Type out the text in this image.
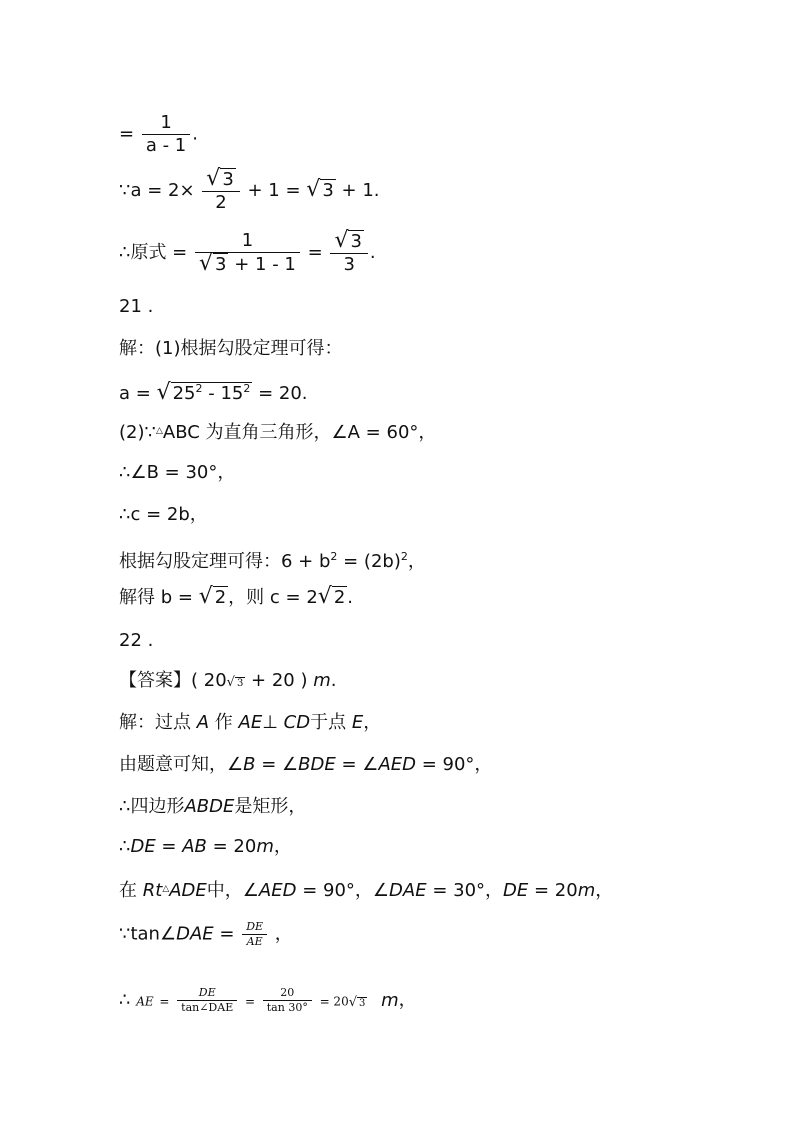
= $\frac{1}{a - 1}$ .
∵a = $2\times \frac{√ 3}{2} + 1$ = √ 3 + 1.
∴原式 = $\frac{1}{√ 3 + 1 - 1} = \frac{√ 3}{3}$ .
21 .
解：(1)根据勾股定理可得：
a = √ $25^2 - 15^2 = 20$.
(2)∵△ABC 为直角三角形，∠A = 60°，
∴∠B = 30°，
∴c = 2b，
根据勾股定理可得：$6 + b^2 = (2b)^2$，
解得 b = √ 2 ，则 c = 2√ 2 .
22 .
【答案】( 20√ 3 + 20 ) m.
解：过点 A 作 AE⊥ CD于点 E，
由题意可知，∠B = ∠BDE = ∠AED = 90°，
∴四边形ABDE是矩形，
∴DE = AB = 20m，
在 Rt△ADE中，∠AED = 90°，∠DAE = 30°，DE = 20m，
∵tan∠DAE = $\frac{DE}{AE}$ ，
∴ AE = $\frac{DE}{\text{tan∠DAE}} = \frac{20}{\tan 30^\circ} = 20√$ 3 m，
